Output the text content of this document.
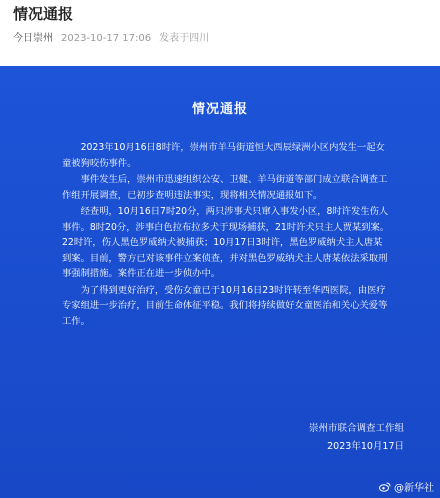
情况通报
今日崇州 2023-10-17 17:06 发表于四川
情况通报

2023年10月16日8时许，崇州市羊马街道恒大西辰绿洲小区内发生一起女童被狗咬伤事件。

事件发生后，崇州市迅速组织公安、卫健、羊马街道等部门成立联合调查工作组开展调查，已初步查明违法事实，现将相关情况通报如下。

经查明，10月16日7时20分，两只涉事犬只窜入事发小区，8时许发生伤人事件。8时20分，涉事白色拉布拉多犬于现场捕获，21时许犬只主人贾某到案。22时许，伤人黑色罗威纳犬被捕获；10月17日3时许，黑色罗威纳犬主人唐某到案。目前，警方已对该事件立案侦查，并对黑色罗威纳犬主人唐某依法采取刑事强制措施。案件正在进一步侦办中。

为了得到更好治疗，受伤女童已于10月16日23时许转至华西医院，由医疗专家组进一步治疗，目前生命体征平稳。我们将持续做好女童医治和关心关爱等工作。

崇州市联合调查工作组
2023年10月17日
@新华社
